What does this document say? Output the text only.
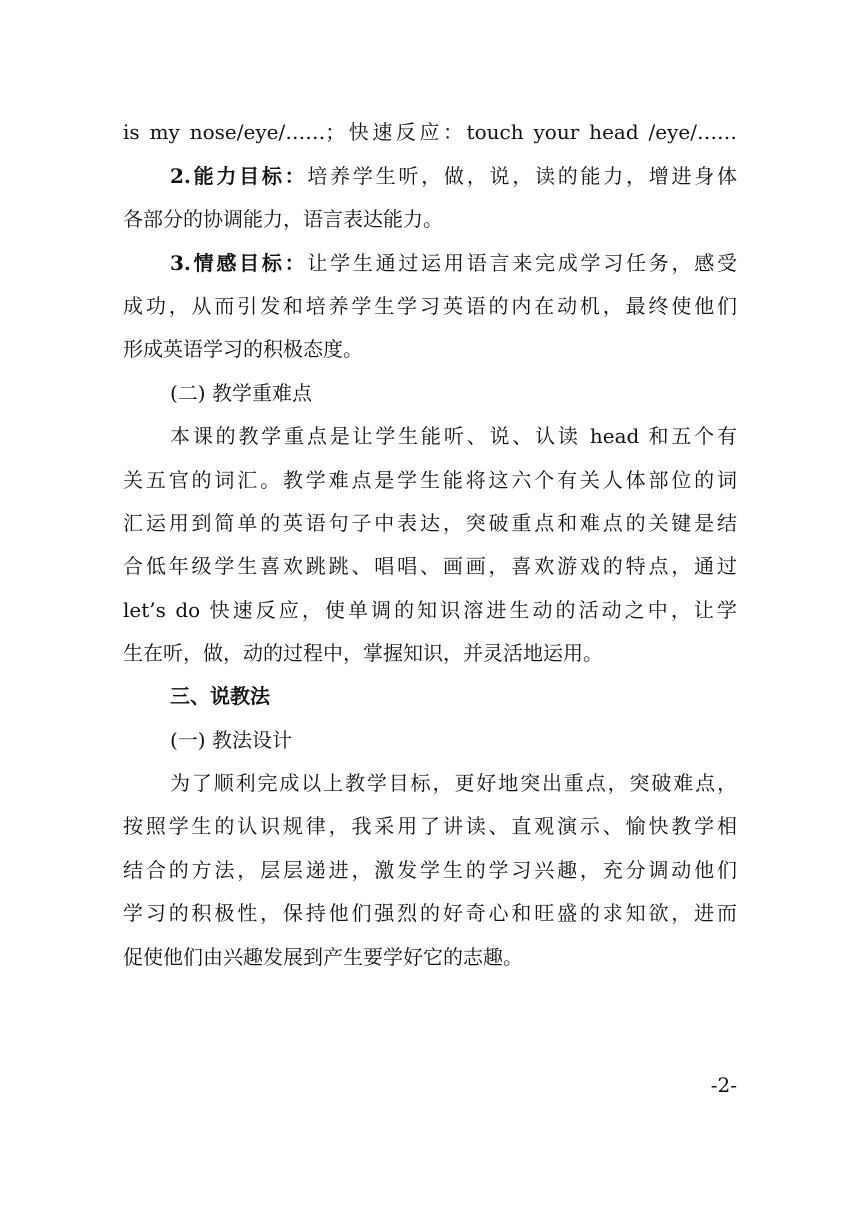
is my nose/eye/……；快速反应：touch your head /eye/……
2.能力目标：培养学生听，做，说，读的能力，增进身体
各部分的协调能力，语言表达能力。
3.情感目标：让学生通过运用语言来完成学习任务，感受
成功，从而引发和培养学生学习英语的内在动机，最终使他们
形成英语学习的积极态度。
(二) 教学重难点
本课的教学重点是让学生能听、说、认读 head 和五个有
关五官的词汇。教学难点是学生能将这六个有关人体部位的词
汇运用到简单的英语句子中表达，突破重点和难点的关键是结
合低年级学生喜欢跳跳、唱唱、画画，喜欢游戏的特点，通过
let’s do 快速反应，使单调的知识溶进生动的活动之中，让学
生在听，做，动的过程中，掌握知识，并灵活地运用。
三、说教法
(一) 教法设计
为了顺利完成以上教学目标，更好地突出重点，突破难点，
按照学生的认识规律，我采用了讲读、直观演示、愉快教学相
结合的方法，层层递进，激发学生的学习兴趣，充分调动他们
学习的积极性，保持他们强烈的好奇心和旺盛的求知欲，进而
促使他们由兴趣发展到产生要学好它的志趣。
-2-
